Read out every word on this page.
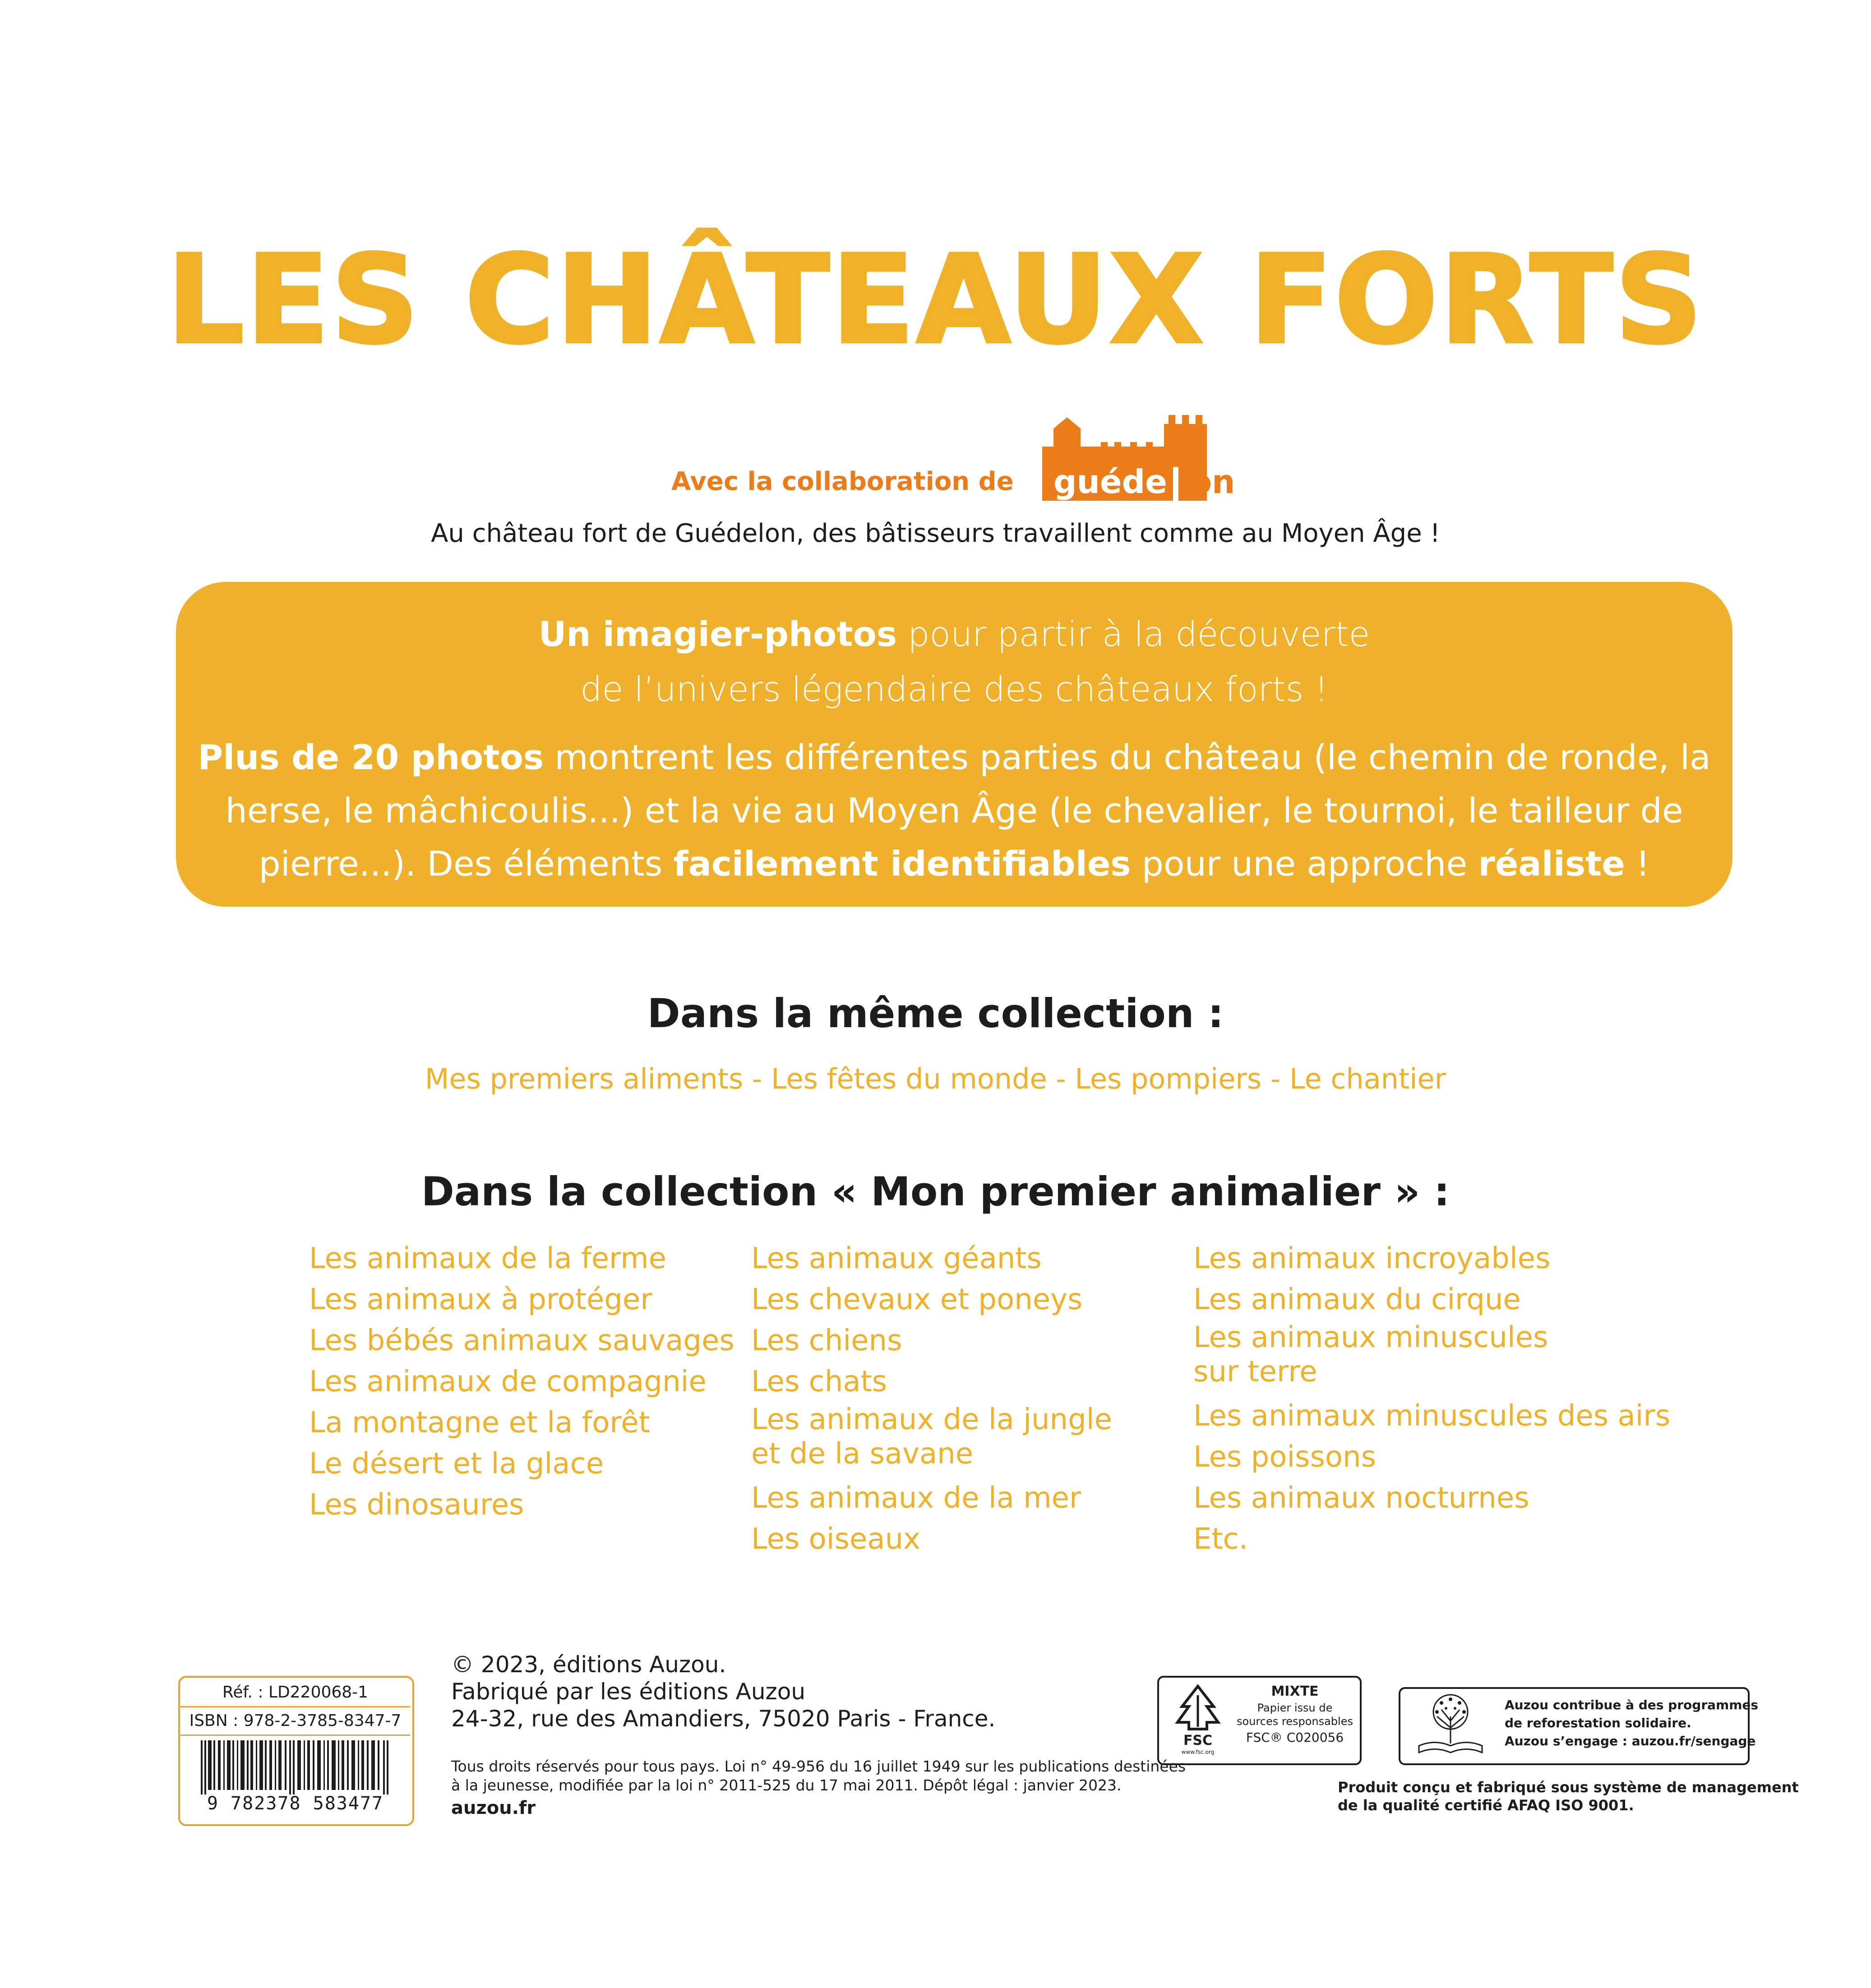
LES CHÂTEAUX FORTS
Avec la collaboration de guéde lon
Au château fort de Guédelon, des bâtisseurs travaillent comme au Moyen Âge !
Un imagier-photos pour partir à la découverte
de l’univers légendaire des châteaux forts !
Plus de 20 photos montrent les différentes parties du château (le chemin de ronde, la herse, le mâchicoulis...) et la vie au Moyen Âge (le chevalier, le tournoi, le tailleur de pierre...). Des éléments facilement identifiables pour une approche réaliste !
Dans la même collection :
Mes premiers aliments - Les fêtes du monde - Les pompiers - Le chantier
Dans la collection « Mon premier animalier » :
Les animaux de la ferme
Les animaux à protéger
Les bébés animaux sauvages
Les animaux de compagnie
La montagne et la forêt
Le désert et la glace
Les dinosaures
Les animaux géants
Les chevaux et poneys
Les chiens
Les chats
Les animaux de la jungle
et de la savane
Les animaux de la mer
Les oiseaux
Les animaux incroyables
Les animaux du cirque
Les animaux minuscules
sur terre
Les animaux minuscules des airs
Les poissons
Les animaux nocturnes
Etc.
Réf. : LD220068-1
ISBN : 978-2-3785-8347-7
9 782378 583477
© 2023, éditions Auzou.
Fabriqué par les éditions Auzou
24-32, rue des Amandiers, 75020 Paris - France.
Tous droits réservés pour tous pays. Loi n° 49-956 du 16 juillet 1949 sur les publications destinées
à la jeunesse, modifiée par la loi n° 2011-525 du 17 mai 2011. Dépôt légal : janvier 2023.
auzou.fr
FSC
www.fsc.org
MIXTE
Papier issu de
sources responsables
FSC® C020056
Auzou contribue à des programmes
de reforestation solidaire.
Auzou s’engage : auzou.fr/sengage
Produit conçu et fabriqué sous système de management
de la qualité certifié AFAQ ISO 9001.
